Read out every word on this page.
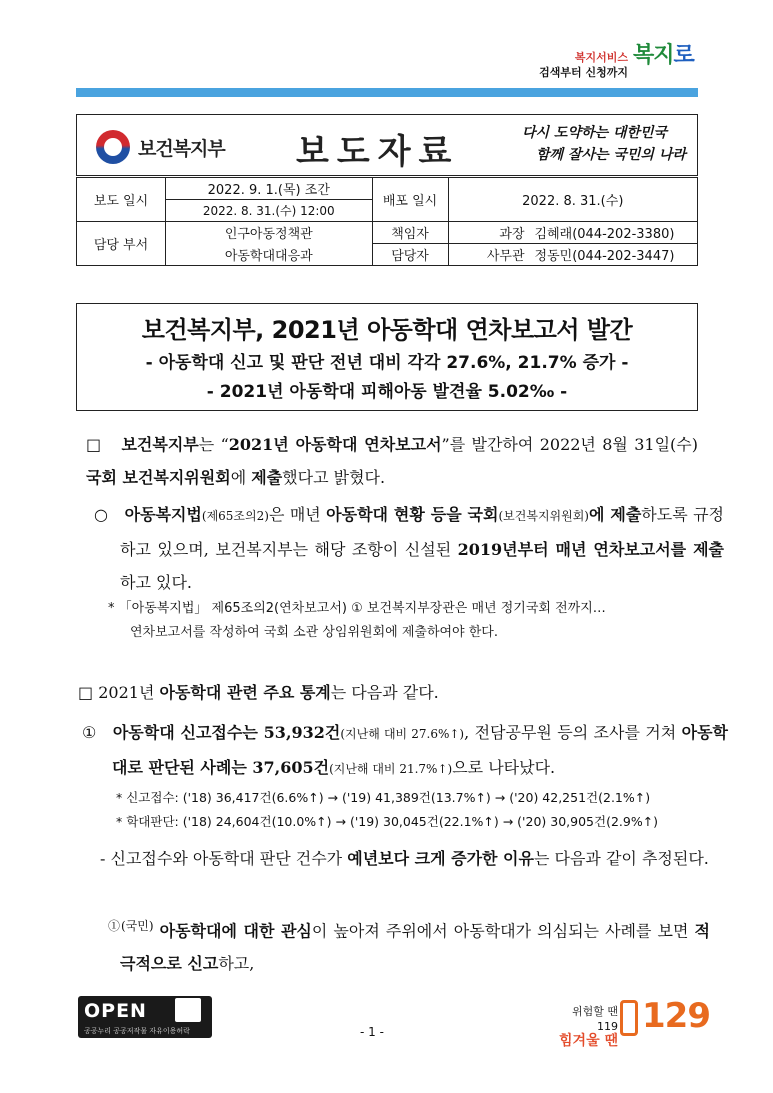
복지서비스
검색부터 신청까지
복지로
보건복지부 보도자료	다시 도약하는 대한민국
함께 잘사는 국민의 나라
보도 일시	2022. 9. 1.(목) 조간	배포 일시	2022. 8. 31.(수)	
	2022. 8. 31.(수) 12:00			
담당 부서	인구아동정책관	책임자	과장	김혜래(044-202-3380)
	아동학대대응과	담당자	사무관	정동민(044-202-3447)
보건복지부, 2021년 아동학대 연차보고서 발간
- 아동학대 신고 및 판단 전년 대비 각각 27.6%, 21.7% 증가 -
- 2021년 아동학대 피해아동 발견율 5.02‰ -
□ 보건복지부는 “2021년 아동학대 연차보고서”를 발간하여 2022년 8월 31일(수) 국회 보건복지위원회에 제출했다고 밝혔다.
○ 아동복지법(제65조의2)은 매년 아동학대 현황 등을 국회(보건복지위원회)에 제출하도록 규정하고 있으며, 보건복지부는 해당 조항이 신설된 2019년부터 매년 연차보고서를 제출하고 있다.
* 「아동복지법」 제65조의2(연차보고서) ① 보건복지부장관은 매년 정기국회 전까지…
연차보고서를 작성하여 국회 소관 상임위원회에 제출하여야 한다.
□ 2021년 아동학대 관련 주요 통계는 다음과 같다.
① 아동학대 신고접수는 53,932건(지난해 대비 27.6%↑), 전담공무원 등의 조사를 거쳐 아동학대로 판단된 사례는 37,605건(지난해 대비 21.7%↑)으로 나타났다.
* 신고접수: ('18) 36,417건(6.6%↑) → ('19) 41,389건(13.7%↑) → ('20) 42,251건(2.1%↑)
* 학대판단: ('18) 24,604건(10.0%↑) → ('19) 30,045건(22.1%↑) → ('20) 30,905건(2.9%↑)
- 신고접수와 아동학대 판단 건수가 예년보다 크게 증가한 이유는 다음과 같이 추정된다.
$^{①(국민)}$ 아동학대에 대한 관심이 높아져 주위에서 아동학대가 의심되는 사례를 보면 적극적으로 신고하고,
OPEN
공공누리 공공저작물 자유이용허락	- 1 -
위험할 땐 119
힘겨울 땐
129
